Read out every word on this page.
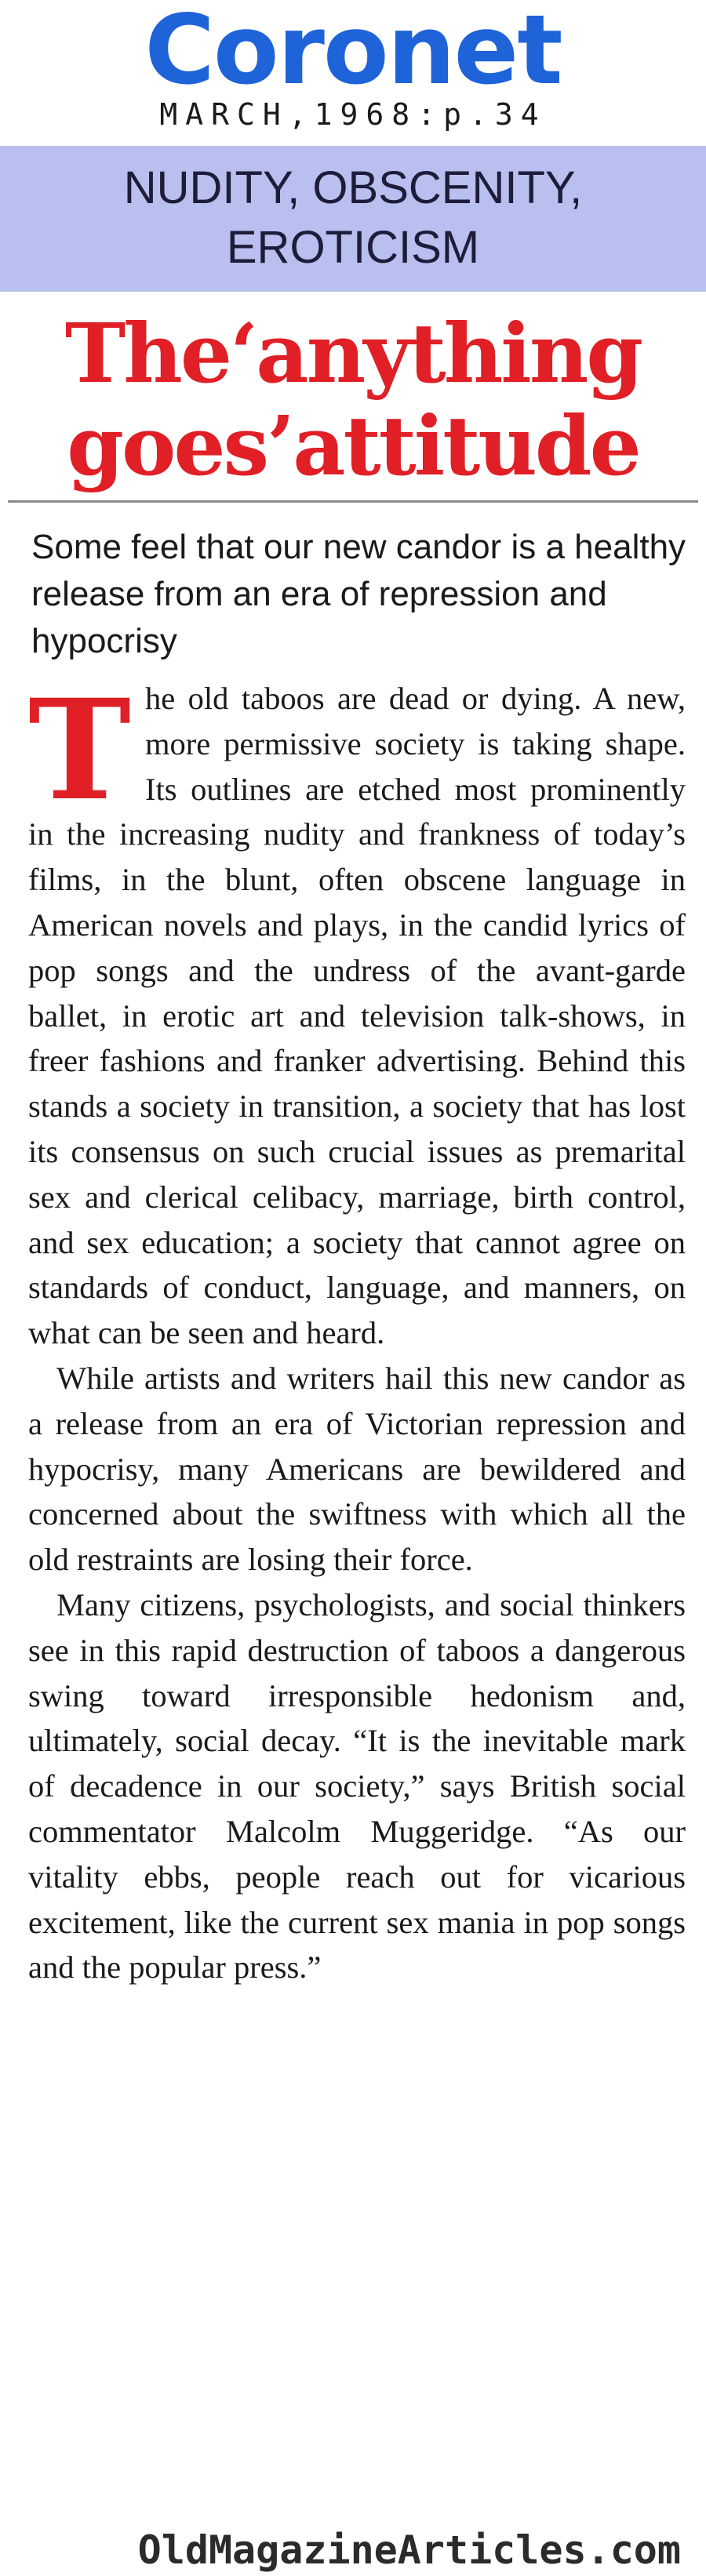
Coronet
MARCH,1968:p.34
NUDITY, OBSCENITY,
EROTICISM
The‘anything
goes’attitude
Some feel that our new candor is a healthy release from an era of repression and hypocrisy

The old taboos are dead or dying. A new, more permissive society is taking shape. Its outlines are etched most prominently in the increasing nudity and frankness of today’s films, in the blunt, often obscene language in American novels and plays, in the candid lyrics of pop songs and the undress of the avant-garde ballet, in erotic art and television talk-shows, in freer fashions and franker advertising. Behind this stands a society in transition, a society that has lost its consensus on such crucial issues as premarital sex and clerical celibacy, marriage, birth control, and sex education; a society that cannot agree on standards of conduct, language, and manners, on what can be seen and heard.

While artists and writers hail this new candor as a release from an era of Victorian repression and hypocrisy, many Americans are bewildered and concerned about the swiftness with which all the old restraints are losing their force.

Many citizens, psychologists, and social thinkers see in this rapid destruction of taboos a dangerous swing toward irresponsible hedonism and, ultimately, social decay. “It is the inevitable mark of decadence in our society,” says British social commentator Malcolm Muggeridge. “As our vitality ebbs, people reach out for vicarious excitement, like the current sex mania in pop songs and the popular press.”

OldMagazineArticles.com
